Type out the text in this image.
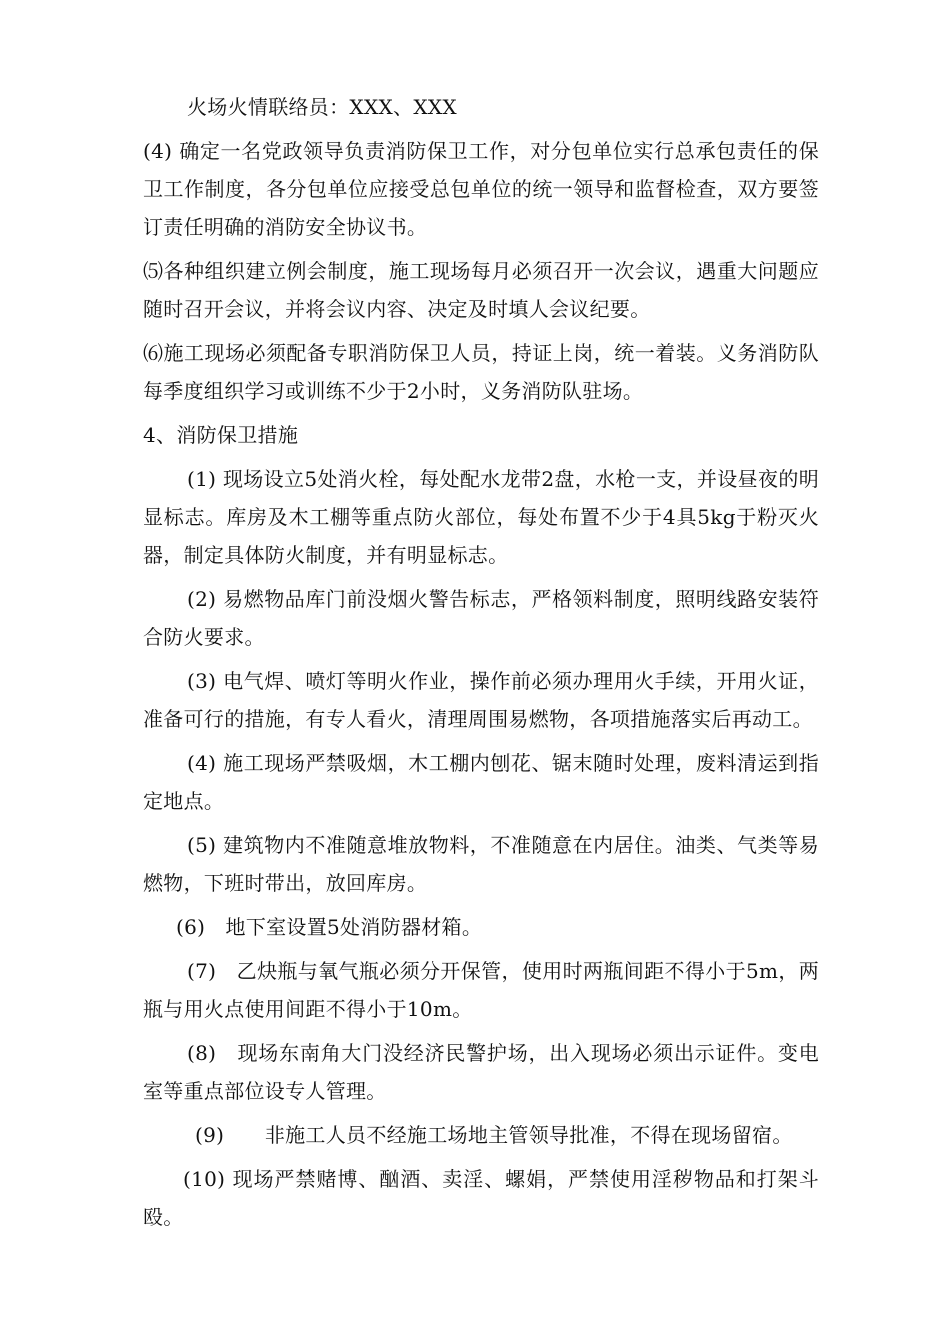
火场火情联络员：XXX、XXX

(4) 确定一名党政领导负责消防保卫工作，对分包单位实行总承包责任的保卫工作制度，各分包单位应接受总包单位的统一领导和监督检查，双方要签订责任明确的消防安全协议书。

⑸各种组织建立例会制度，施工现场每月必须召开一次会议，遇重大问题应随时召开会议，并将会议内容、决定及时填人会议纪要。

⑹施工现场必须配备专职消防保卫人员，持证上岗，统一着装。义务消防队每季度组织学习或训练不少于2小时，义务消防队驻场。

4、消防保卫措施

(1) 现场设立5处消火栓，每处配水龙带2盘，水枪一支，并设昼夜的明显标志。库房及木工棚等重点防火部位，每处布置不少于4具5kg于粉灭火器，制定具体防火制度，并有明显标志。

(2) 易燃物品库门前没烟火警告标志，严格领料制度，照明线路安装符合防火要求。

(3) 电气焊、喷灯等明火作业，操作前必须办理用火手续，开用火证，准备可行的措施，有专人看火，清理周围易燃物，各项措施落实后再动工。

(4) 施工现场严禁吸烟，木工棚内刨花、锯末随时处理，废料清运到指定地点。

(5) 建筑物内不准随意堆放物料，不准随意在内居住。油类、气类等易燃物，下班时带出，放回库房。

(6)　地下室设置5处消防器材箱。

(7)　乙炔瓶与氧气瓶必须分开保管，使用时两瓶间距不得小于5m，两瓶与用火点使用间距不得小于10m。

(8)　现场东南角大门没经济民警护场，出入现场必须出示证件。变电室等重点部位设专人管理。

(9)　　非施工人员不经施工场地主管领导批准，不得在现场留宿。

(10) 现场严禁赌博、酗酒、卖淫、螺娟，严禁使用淫秽物品和打架斗殴。
